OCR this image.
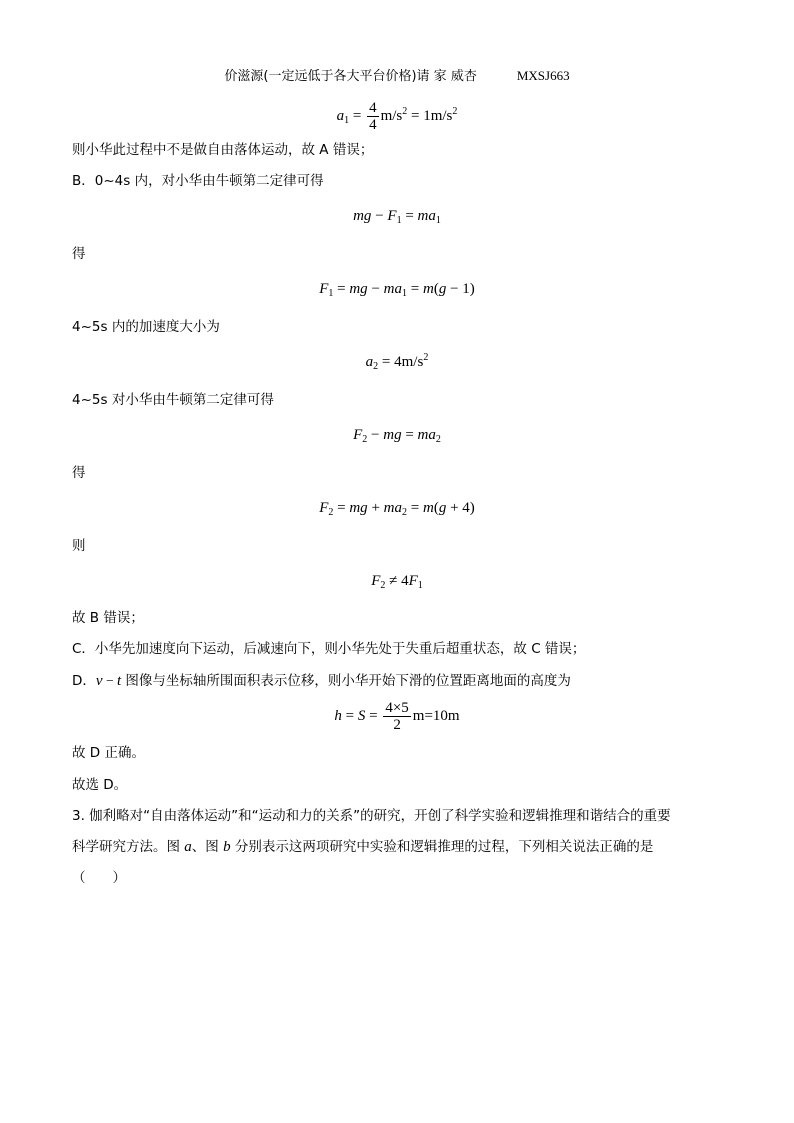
价滋源(一定远低于各大平台价格)请 家 威杏	MXSJ663
$a_1 = \frac{4}{4} m/s^2 = 1m/s^2$
则小华此过程中不是做自由落体运动，故 A 错误；
B．0~4s 内，对小华由牛顿第二定律可得
mg − $F_1 = ma_1$
得
$F_1$ = mg − $ma_1 = m(g - 1)$
4~5s 内的加速度大小为
$a_2 = 4m/s^2$
4~5s 对小华由牛顿第二定律可得
$F_2$ − mg = $ma_2$
得
$F_2$ = mg + $ma_2 = m(g + 4)$
则
$F_2 \ne 4F_1$
故 B 错误；
C．小华先加速度向下运动，后减速向下，则小华先处于失重后超重状态，故 C 错误；
D．v − t 图像与坐标轴所围面积表示位移，则小华开始下滑的位置距离地面的高度为
$h = S = \frac{4\times 5}{2} m=10m$
故 D 正确。
故选 D。
3. 伽利略对“自由落体运动”和“运动和力的关系”的研究，开创了科学实验和逻辑推理和谐结合的重要
科学研究方法。图 a、图 b 分别表示这两项研究中实验和逻辑推理的过程，下列相关说法正确的是
（　　）
